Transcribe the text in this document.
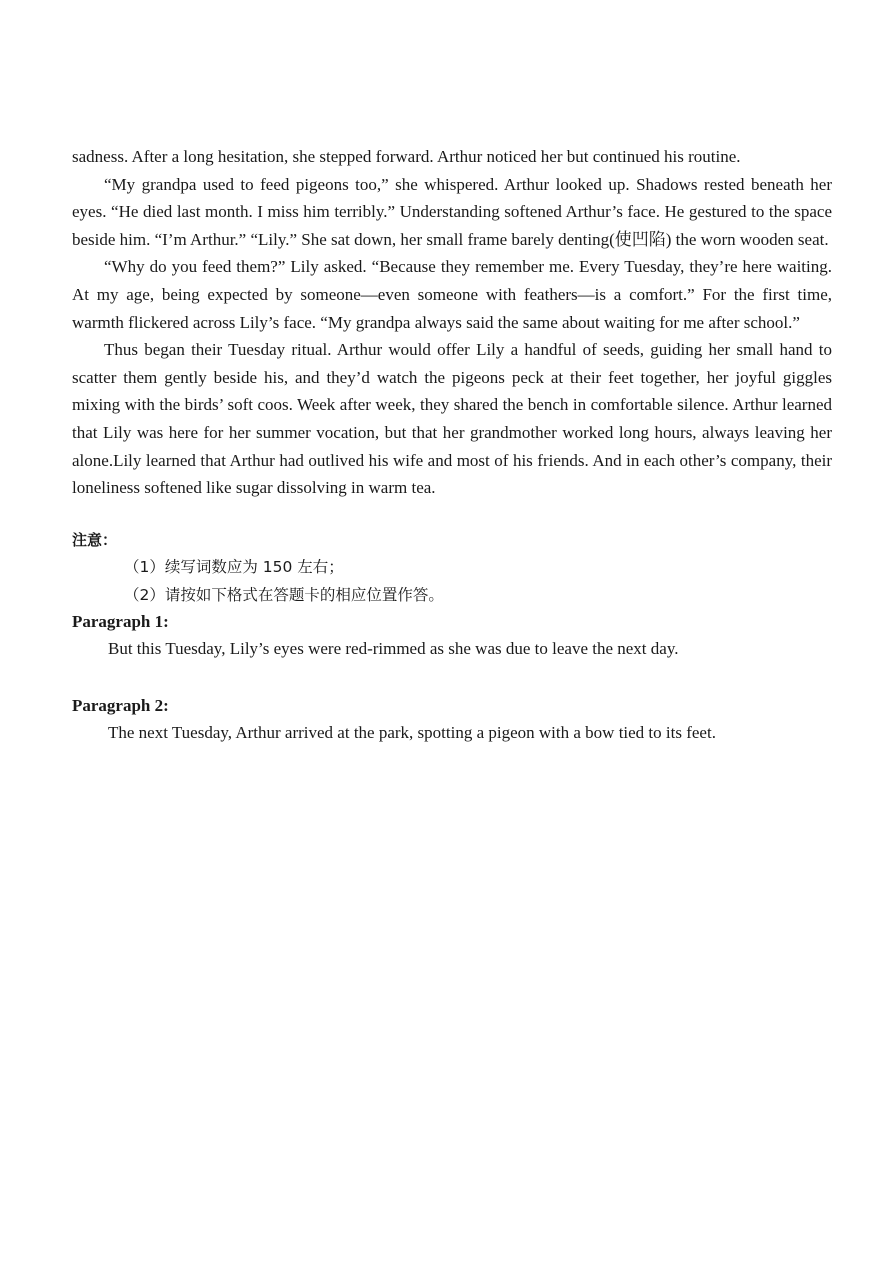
sadness. After a long hesitation, she stepped forward. Arthur noticed her but continued his routine.

“My grandpa used to feed pigeons too,” she whispered. Arthur looked up. Shadows rested beneath her eyes. “He died last month. I miss him terribly.” Understanding softened Arthur’s face. He gestured to the space beside him. “I’m Arthur.” “Lily.” She sat down, her small frame barely denting(使凹陷) the worn wooden seat.

“Why do you feed them?” Lily asked. “Because they remember me. Every Tuesday, they’re here waiting. At my age, being expected by someone—even someone with feathers—is a comfort.” For the first time, warmth flickered across Lily’s face. “My grandpa always said the same about waiting for me after school.”

Thus began their Tuesday ritual. Arthur would offer Lily a handful of seeds, guiding her small hand to scatter them gently beside his, and they’d watch the pigeons peck at their feet together, her joyful giggles mixing with the birds’ soft coos. Week after week, they shared the bench in comfortable silence. Arthur learned that Lily was here for her summer vocation, but that her grandmother worked long hours, always leaving her alone.Lily learned that Arthur had outlived his wife and most of his friends. And in each other’s company, their loneliness softened like sugar dissolving in warm tea.

注意：

（1）续写词数应为 150 左右；

（2）请按如下格式在答题卡的相应位置作答。

Paragraph 1:

But this Tuesday, Lily’s eyes were red-rimmed as she was due to leave the next day.

Paragraph 2:

The next Tuesday, Arthur arrived at the park, spotting a pigeon with a bow tied to its feet.
